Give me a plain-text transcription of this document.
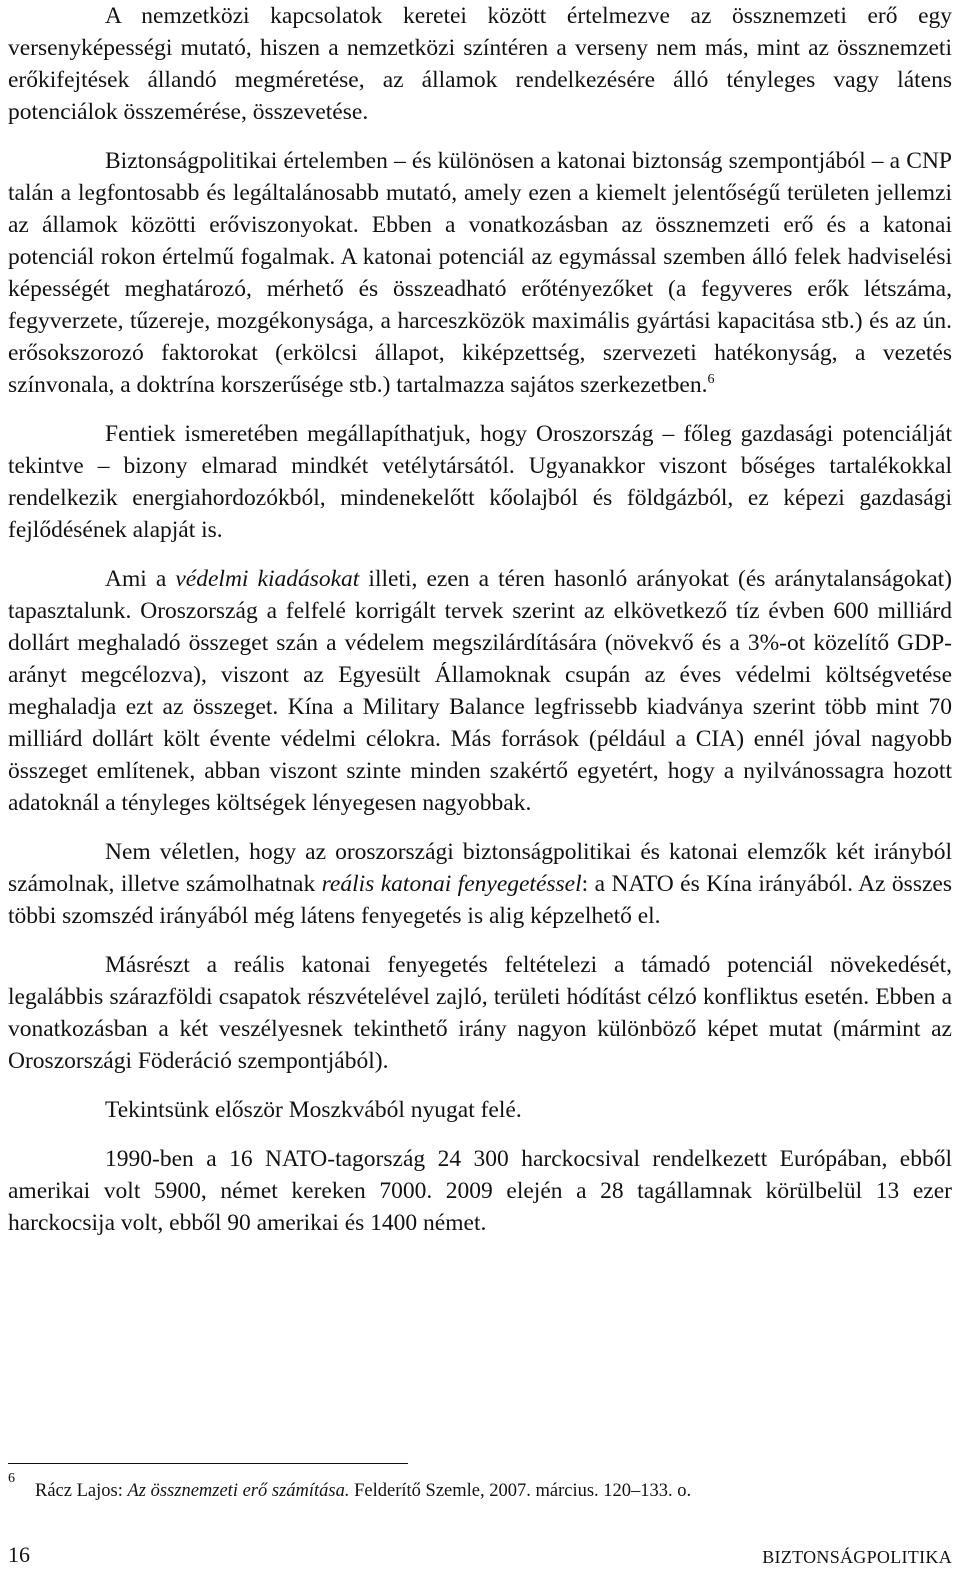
A nemzetközi kapcsolatok keretei között értelmezve az össznemzeti erő egy versenyképességi mutató, hiszen a nemzetközi színtéren a verseny nem más, mint az össznemzeti erőkifejtések állandó megméretése, az államok rendelkezésére álló tényleges vagy látens potenciálok összemérése, összevetése.

Biztonságpolitikai értelemben – és különösen a katonai biztonság szempontjából – a CNP talán a legfontosabb és legáltalánosabb mutató, amely ezen a kiemelt jelentőségű területen jellemzi az államok közötti erőviszonyokat. Ebben a vonatkozásban az össznemzeti erő és a katonai potenciál rokon értelmű fogalmak. A katonai potenciál az egymással szemben álló felek hadviselési képességét meghatározó, mérhető és összeadható erőtényezőket (a fegyveres erők létszáma, fegyverzete, tűzereje, mozgékonysága, a harceszközök maximális gyártási kapacitása stb.) és az ún. erősokszorozó faktorokat (erkölcsi állapot, kiképzettség, szervezeti hatékonyság, a vezetés színvonala, a doktrína korszerűsége stb.) tartalmazza sajátos szerkezetben.$^6$

Fentiek ismeretében megállapíthatjuk, hogy Oroszország – főleg gazdasági potenciálját tekintve – bizony elmarad mindkét vetélytársától. Ugyanakkor viszont bőséges tartalékokkal rendelkezik energiahordozókból, mindenekelőtt kőolajból és földgázból, ez képezi gazdasági fejlődésének alapját is.

Ami a védelmi kiadásokat illeti, ezen a téren hasonló arányokat (és aránytalanságokat) tapasztalunk. Oroszország a felfelé korrigált tervek szerint az elkövetkező tíz évben 600 milliárd dollárt meghaladó összeget szán a védelem megszilárdítására (növekvő és a 3%-ot közelítő GDP-arányt megcélozva), viszont az Egyesült Államoknak csupán az éves védelmi költségvetése meghaladja ezt az összeget. Kína a Military Balance legfrissebb kiadványa szerint több mint 70 milliárd dollárt költ évente védelmi célokra. Más források (például a CIA) ennél jóval nagyobb összeget említenek, abban viszont szinte minden szakértő egyetért, hogy a nyilvánossagra hozott adatoknál a tényleges költségek lényegesen nagyobbak.

Nem véletlen, hogy az oroszországi biztonságpolitikai és katonai elemzők két irányból számolnak, illetve számolhatnak reális katonai fenyegetéssel: a NATO és Kína irányából. Az összes többi szomszéd irányából még látens fenyegetés is alig képzelhető el.

Másrészt a reális katonai fenyegetés feltételezi a támadó potenciál növekedését, legalábbis szárazföldi csapatok részvételével zajló, területi hódítást célzó konfliktus esetén. Ebben a vonatkozásban a két veszélyesnek tekinthető irány nagyon különböző képet mutat (mármint az Oroszországi Föderáció szempontjából).

Tekintsünk először Moszkvából nyugat felé.

1990-ben a 16 NATO-tagország 24 300 harckocsival rendelkezett Európában, ebből amerikai volt 5900, német kereken 7000. 2009 elején a 28 tagállamnak körülbelül 13 ezer harckocsija volt, ebből 90 amerikai és 1400 német.

6
Rácz Lajos: Az össznemzeti erő számítása. Felderítő Szemle, 2007. március. 120–133. o.
16	BIZTONSÁGPOLITIKA
